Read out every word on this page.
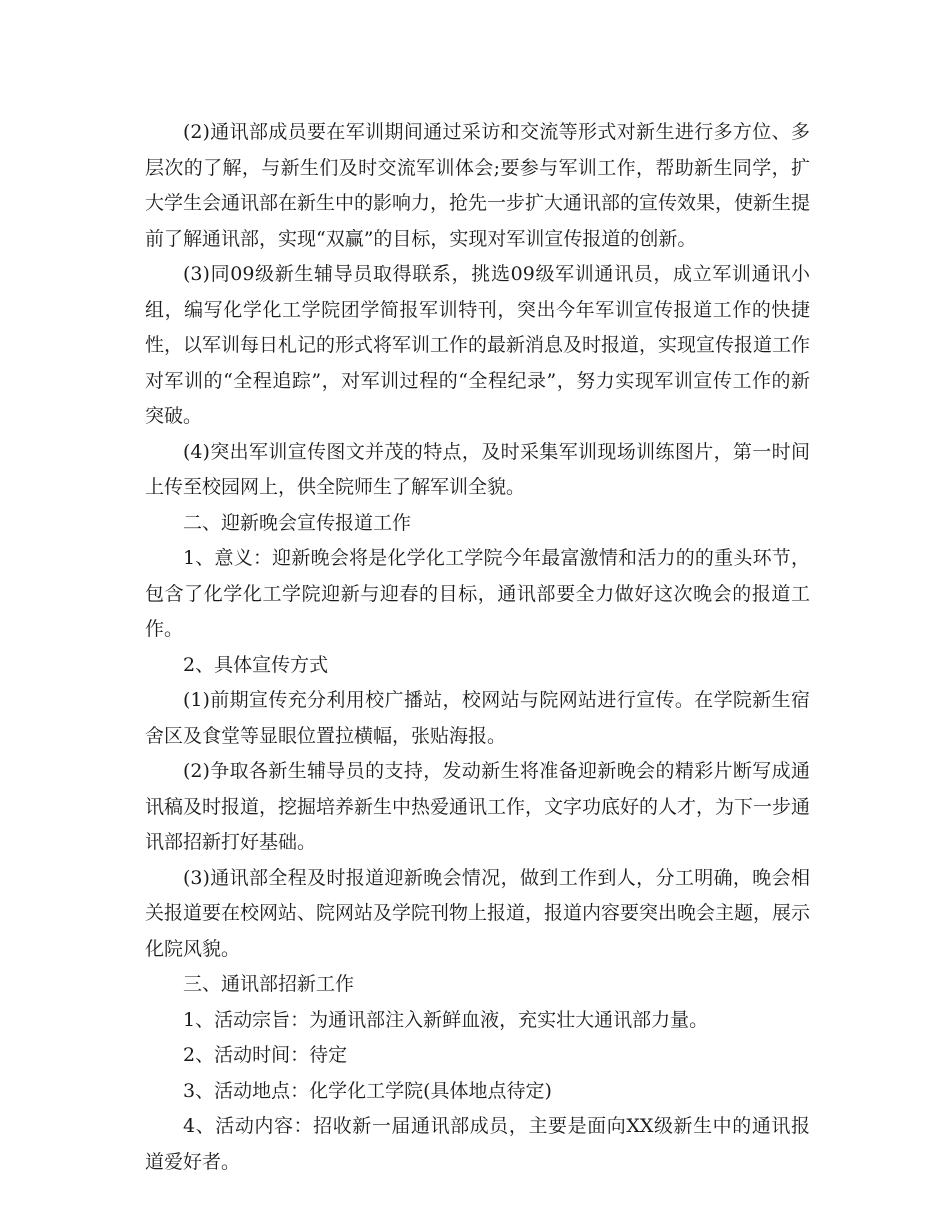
(2)通讯部成员要在军训期间通过采访和交流等形式对新生进行多方位、多层次的了解，与新生们及时交流军训体会;要参与军训工作，帮助新生同学，扩大学生会通讯部在新生中的影响力，抢先一步扩大通讯部的宣传效果，使新生提前了解通讯部，实现“双赢”的目标，实现对军训宣传报道的创新。

(3)同09级新生辅导员取得联系，挑选09级军训通讯员，成立军训通讯小组，编写化学化工学院团学简报军训特刊，突出今年军训宣传报道工作的快捷性，以军训每日札记的形式将军训工作的最新消息及时报道，实现宣传报道工作对军训的“全程追踪”，对军训过程的“全程纪录”，努力实现军训宣传工作的新突破。

(4)突出军训宣传图文并茂的特点，及时采集军训现场训练图片，第一时间上传至校园网上，供全院师生了解军训全貌。

二、迎新晚会宣传报道工作

1、意义：迎新晚会将是化学化工学院今年最富激情和活力的的重头环节，包含了化学化工学院迎新与迎春的目标，通讯部要全力做好这次晚会的报道工作。

2、具体宣传方式

(1)前期宣传充分利用校广播站，校网站与院网站进行宣传。在学院新生宿舍区及食堂等显眼位置拉横幅，张贴海报。

(2)争取各新生辅导员的支持，发动新生将准备迎新晚会的精彩片断写成通讯稿及时报道，挖掘培养新生中热爱通讯工作，文字功底好的人才，为下一步通讯部招新打好基础。

(3)通讯部全程及时报道迎新晚会情况，做到工作到人，分工明确，晚会相关报道要在校网站、院网站及学院刊物上报道，报道内容要突出晚会主题，展示化院风貌。

三、通讯部招新工作

1、活动宗旨：为通讯部注入新鲜血液，充实壮大通讯部力量。

2、活动时间：待定

3、活动地点：化学化工学院(具体地点待定)

4、活动内容：招收新一届通讯部成员，主要是面向XX级新生中的通讯报道爱好者。
